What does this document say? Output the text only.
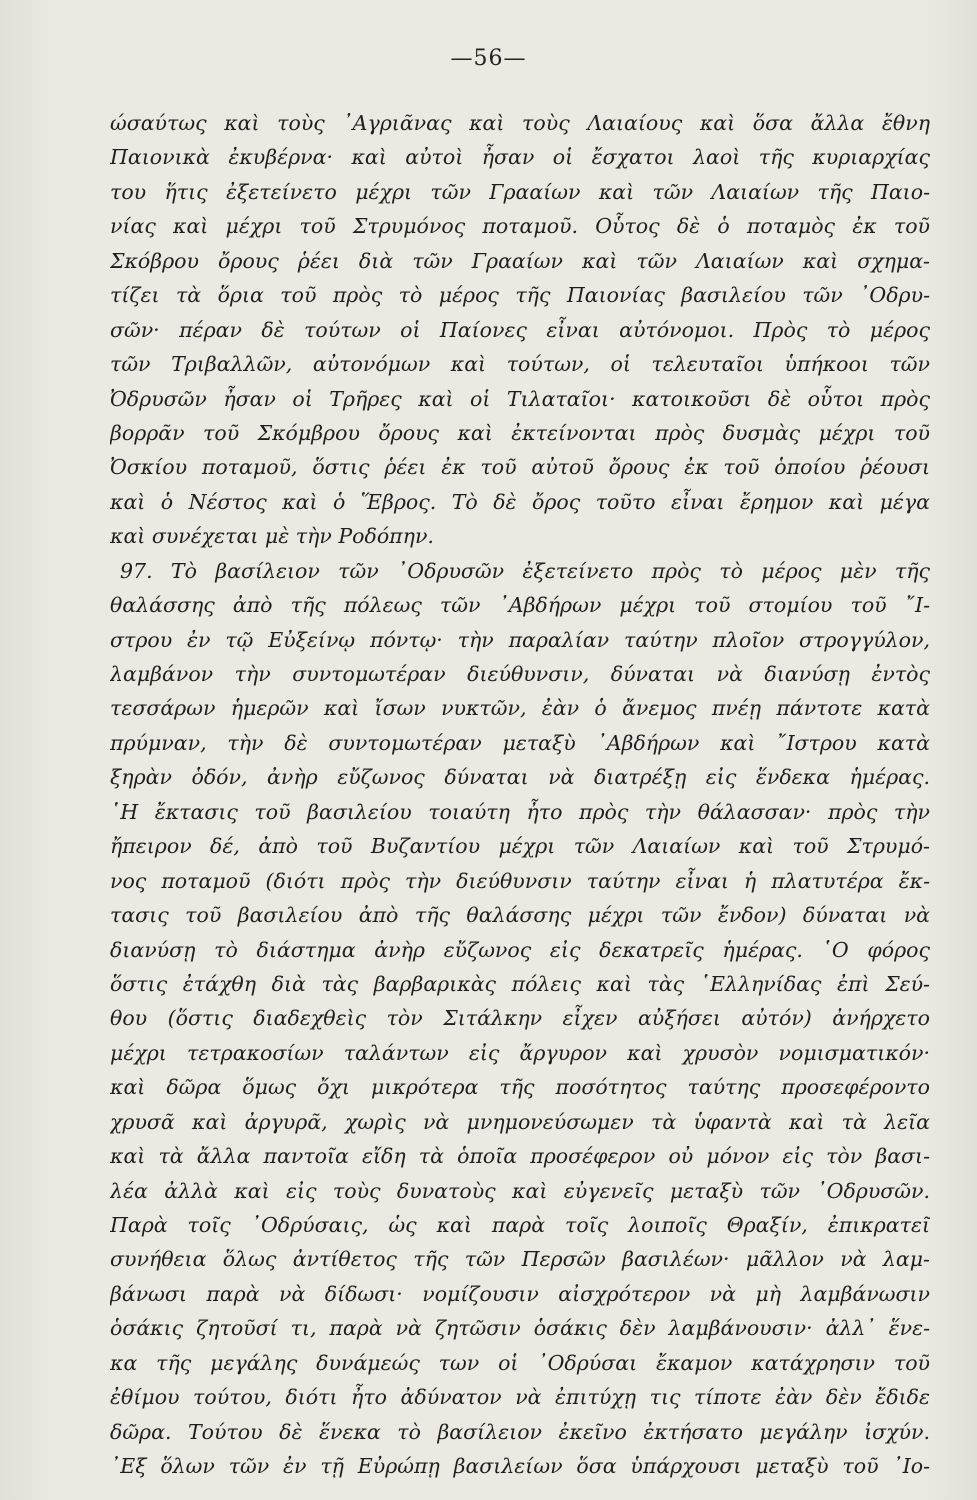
—56—
ώσαύτως καὶ τοὺς ᾿Αγριᾶνας καὶ τοὺς Λαιαίους καὶ ὅσα ἄλλα ἔθνη
Παιονικὰ ἐκυβέρνα· καὶ αὐτοὶ ἦσαν οἱ ἔσχατοι λαοὶ τῆς κυριαρχίας
του ἥτις ἐξετείνετο μέχρι τῶν Γρααίων καὶ τῶν Λαιαίων τῆς Παιο-
νίας καὶ μέχρι τοῦ Στρυμόνος ποταμοῦ. Οὗτος δὲ ὁ ποταμὸς ἐκ τοῦ
Σκόβρου ὄρους ῥέει διὰ τῶν Γρααίων καὶ τῶν Λαιαίων καὶ σχημα-
τίζει τὰ ὅρια τοῦ πρὸς τὸ μέρος τῆς Παιονίας βασιλείου τῶν ᾿Οδρυ-
σῶν· πέραν δὲ τούτων οἱ Παίονες εἶναι αὐτόνομοι. Πρὸς τὸ μέρος
τῶν Τριβαλλῶν, αὐτονόμων καὶ τούτων, οἱ τελευταῖοι ὑπήκοοι τῶν
Ὀδρυσῶν ἦσαν οἱ Τρῆρες καὶ οἱ Τιλαταῖοι· κατοικοῦσι δὲ οὗτοι πρὸς
βορρᾶν τοῦ Σκόμβρου ὄρους καὶ ἐκτείνονται πρὸς δυσμὰς μέχρι τοῦ
Ὀσκίου ποταμοῦ, ὅστις ῥέει ἐκ τοῦ αὐτοῦ ὄρους ἐκ τοῦ ὁποίου ῥέουσι
καὶ ὁ Νέστος καὶ ὁ Ἕβρος. Τὸ δὲ ὄρος τοῦτο εἶναι ἔρημον καὶ μέγα
καὶ συνέχεται μὲ τὴν Ροδόπην.
97. Τὸ βασίλειον τῶν ᾿Οδρυσῶν ἐξετείνετο πρὸς τὸ μέρος μὲν τῆς
θαλάσσης ἀπὸ τῆς πόλεως τῶν ᾿Αβδήρων μέχρι τοῦ στομίου τοῦ ῎Ι-
στρου ἐν τῷ Εὐξείνῳ πόντῳ· τὴν παραλίαν ταύτην πλοῖον στρογγύλον,
λαμβάνον τὴν συντομωτέραν διεύθυνσιν, δύναται νὰ διανύσῃ ἐντὸς
τεσσάρων ἡμερῶν καὶ ἴσων νυκτῶν, ἐὰν ὁ ἄνεμος πνέῃ πάντοτε κατὰ
πρύμναν, τὴν δὲ συντομωτέραν μεταξὺ ᾿Αβδήρων καὶ ῎Ιστρου κατὰ
ξηρὰν ὁδόν, ἀνὴρ εὔζωνος δύναται νὰ διατρέξῃ εἰς ἕνδεκα ἡμέρας.
῾Η ἔκτασις τοῦ βασιλείου τοιαύτη ἦτο πρὸς τὴν θάλασσαν· πρὸς τὴν
ἤπειρον δέ, ἀπὸ τοῦ Βυζαντίου μέχρι τῶν Λαιαίων καὶ τοῦ Στρυμό-
νος ποταμοῦ (διότι πρὸς τὴν διεύθυνσιν ταύτην εἶναι ἡ πλατυτέρα ἔκ-
τασις τοῦ βασιλείου ἀπὸ τῆς θαλάσσης μέχρι τῶν ἔνδον) δύναται νὰ
διανύσῃ τὸ διάστημα ἀνὴρ εὔζωνος εἰς δεκατρεῖς ἡμέρας. ῾Ο φόρος
ὅστις ἐτάχθη διὰ τὰς βαρβαρικὰς πόλεις καὶ τὰς ῾Ελληνίδας ἐπὶ Σεύ-
θου (ὅστις διαδεχθεὶς τὸν Σιτάλκην εἶχεν αὐξήσει αὐτόν) ἀνήρχετο
μέχρι τετρακοσίων ταλάντων εἰς ἄργυρον καὶ χρυσὸν νομισματικόν·
καὶ δῶρα ὅμως ὄχι μικρότερα τῆς ποσότητος ταύτης προσεφέροντο
χρυσᾶ καὶ ἀργυρᾶ, χωρὶς νὰ μνημονεύσωμεν τὰ ὑφαντὰ καὶ τὰ λεῖα
καὶ τὰ ἄλλα παντοῖα εἴδη τὰ ὁποῖα προσέφερον οὐ μόνον εἰς τὸν βασι-
λέα ἀλλὰ καὶ εἰς τοὺς δυνατοὺς καὶ εὐγενεῖς μεταξὺ τῶν ᾿Οδρυσῶν.
Παρὰ τοῖς ᾿Οδρύσαις, ὡς καὶ παρὰ τοῖς λοιποῖς Θραξίν, ἐπικρατεῖ
συνήθεια ὅλως ἀντίθετος τῆς τῶν Περσῶν βασιλέων· μᾶλλον νὰ λαμ-
βάνωσι παρὰ νὰ δίδωσι· νομίζουσιν αἰσχρότερον νὰ μὴ λαμβάνωσιν
ὁσάκις ζητοῦσί τι, παρὰ νὰ ζητῶσιν ὁσάκις δὲν λαμβάνουσιν· ἀλλ᾿ ἕνε-
κα τῆς μεγάλης δυνάμεώς των οἱ ᾿Οδρύσαι ἔκαμον κατάχρησιν τοῦ
ἐθίμου τούτου, διότι ἦτο ἀδύνατον νὰ ἐπιτύχῃ τις τίποτε ἐὰν δὲν ἔδιδε
δῶρα. Τούτου δὲ ἕνεκα τὸ βασίλειον ἐκεῖνο ἐκτήσατο μεγάλην ἰσχύν.
᾿Εξ ὅλων τῶν ἐν τῇ Εὐρώπῃ βασιλείων ὅσα ὑπάρχουσι μεταξὺ τοῦ ᾿Ιο-
